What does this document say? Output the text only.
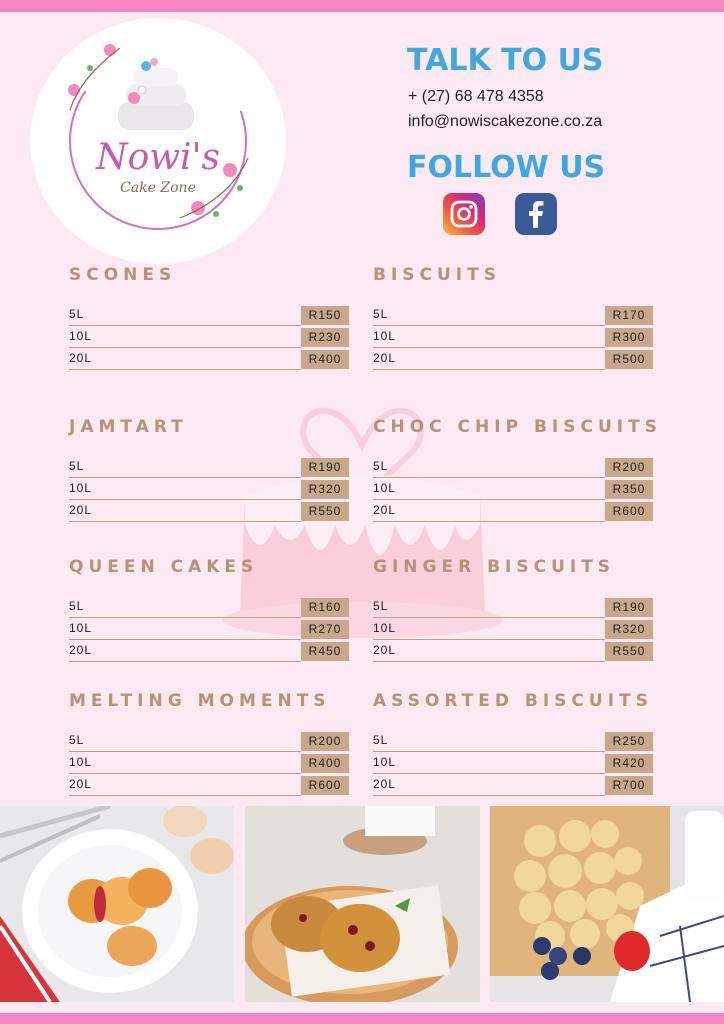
Nowi's
Cake Zone
TALK TO US
+ (27) 68 478 4358
info@nowiscakezone.co.za
FOLLOW US
SCONES
5L	R150
10L	R230
20L	R400
BISCUITS
5L	R170
10L	R300
20L	R500
JAMTART
5L	R190
10L	R320
20L	R550
CHOC CHIP BISCUITS
5L	R200
10L	R350
20L	R600
QUEEN CAKES
5L	R160
10L	R270
20L	R450
GINGER BISCUITS
5L	R190
10L	R320
20L	R550
MELTING MOMENTS
5L	R200
10L	R400
20L	R600
ASSORTED BISCUITS
5L	R250
10L	R420
20L	R700
